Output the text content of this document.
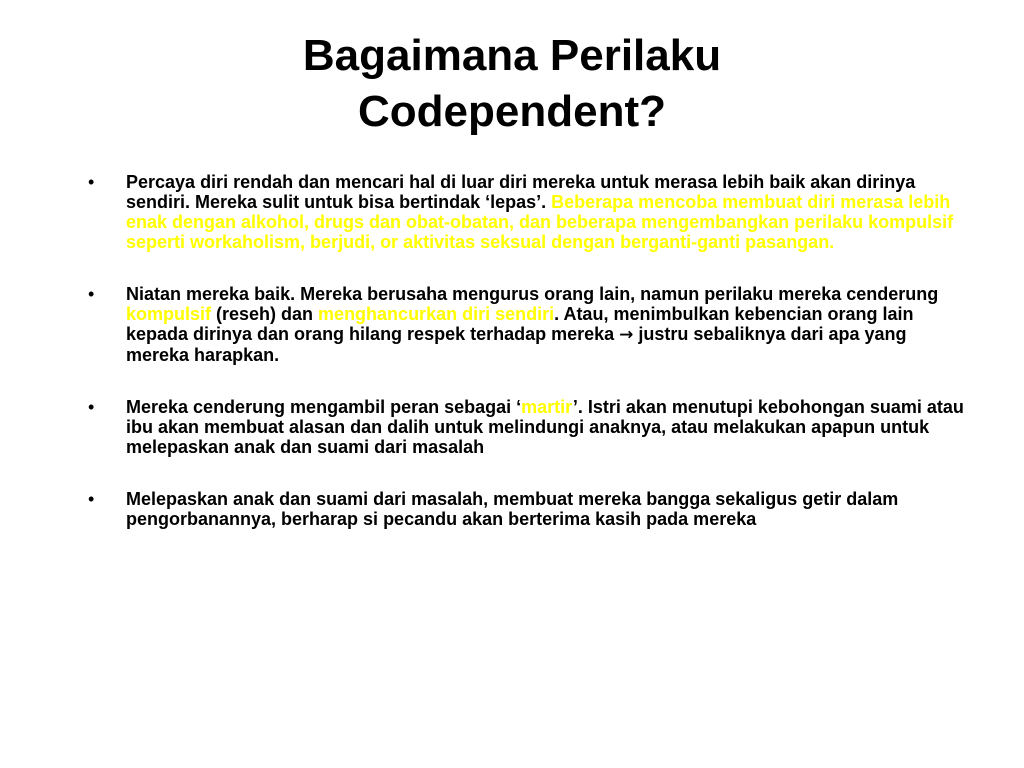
Bagaimana Perilaku
Codependent?
•	Percaya diri rendah dan mencari hal di luar diri mereka untuk merasa lebih baik akan dirinya sendiri. Mereka sulit untuk bisa bertindak ‘lepas’. Beberapa mencoba membuat diri merasa lebih enak dengan alkohol, drugs dan obat-obatan, dan beberapa mengembangkan perilaku kompulsif seperti workaholism, berjudi, or aktivitas seksual dengan berganti-ganti pasangan.
•	Niatan mereka baik. Mereka berusaha mengurus orang lain, namun perilaku mereka cenderung kompulsif (reseh) dan menghancurkan diri sendiri. Atau, menimbulkan kebencian orang lain kepada dirinya dan orang hilang respek terhadap mereka → justru sebaliknya dari apa yang mereka harapkan.
•	Mereka cenderung mengambil peran sebagai ‘martir’. Istri akan menutupi kebohongan suami atau ibu akan membuat alasan dan dalih untuk melindungi anaknya, atau melakukan apapun untuk melepaskan anak dan suami dari masalah
•	Melepaskan anak dan suami dari masalah, membuat mereka bangga sekaligus getir dalam pengorbanannya, berharap si pecandu akan berterima kasih pada mereka
